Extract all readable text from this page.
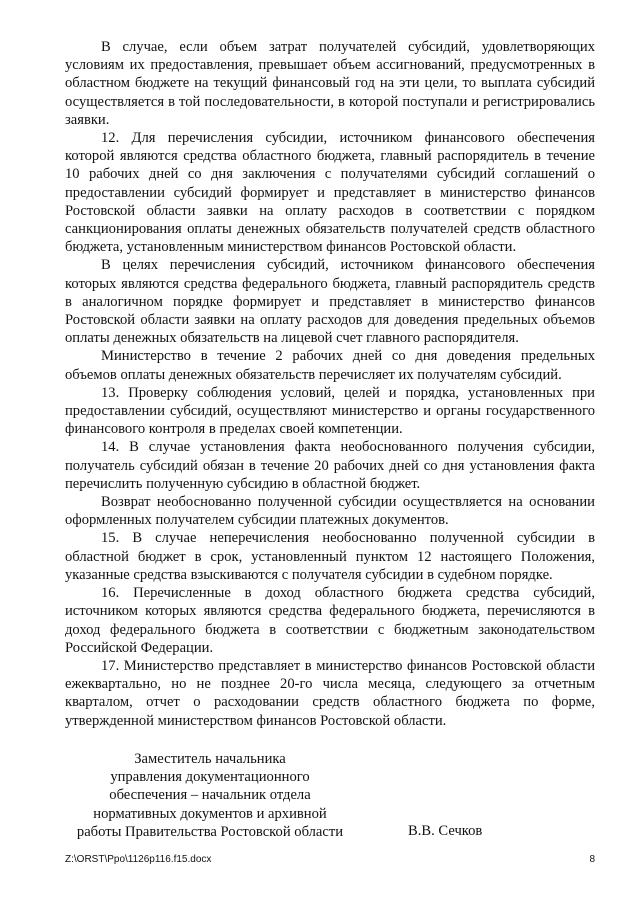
В случае, если объем затрат получателей субсидий, удовлетворяющих условиям их предоставления, превышает объем ассигнований, предусмотренных в областном бюджете на текущий финансовый год на эти цели, то выплата субсидий осуществляется в той последовательности, в которой поступали и регистрировались заявки.

12. Для перечисления субсидии, источником финансового обеспечения которой являются средства областного бюджета, главный распорядитель в течение 10 рабочих дней со дня заключения с получателями субсидий соглашений о предоставлении субсидий формирует и представляет в министерство финансов Ростовской области заявки на оплату расходов в соответствии с порядком санкционирования оплаты денежных обязательств получателей средств областного бюджета, установленным министерством финансов Ростовской области.

В целях перечисления субсидий, источником финансового обеспечения которых являются средства федерального бюджета, главный распорядитель средств в аналогичном порядке формирует и представляет в министерство финансов Ростовской области заявки на оплату расходов для доведения предельных объемов оплаты денежных обязательств на лицевой счет главного распорядителя.

Министерство в течение 2 рабочих дней со дня доведения предельных объемов оплаты денежных обязательств перечисляет их получателям субсидий.

13. Проверку соблюдения условий, целей и порядка, установленных при предоставлении субсидий, осуществляют министерство и органы государственного финансового контроля в пределах своей компетенции.

14. В случае установления факта необоснованного получения субсидии, получатель субсидий обязан в течение 20 рабочих дней со дня установления факта перечислить полученную субсидию в областной бюджет.

Возврат необоснованно полученной субсидии осуществляется на основании оформленных получателем субсидии платежных документов.

15. В случае неперечисления необоснованно полученной субсидии в областной бюджет в срок, установленный пунктом 12 настоящего Положения, указанные средства взыскиваются с получателя субсидии в судебном порядке.

16. Перечисленные в доход областного бюджета средства субсидий, источником которых являются средства федерального бюджета, перечисляются в доход федерального бюджета в соответствии с бюджетным законодательством Российской Федерации.

17. Министерство представляет в министерство финансов Ростовской области ежеквартально, но не позднее 20-го числа месяца, следующего за отчетным кварталом, отчет о расходовании средств областного бюджета по форме, утвержденной министерством финансов Ростовской области.

Заместитель начальника
управления документационного
обеспечения – начальник отдела
нормативных документов и архивной
работы Правительства Ростовской области	В.В. Сечков
Z:\ORST\Ppo\1126p116.f15.docx	8
